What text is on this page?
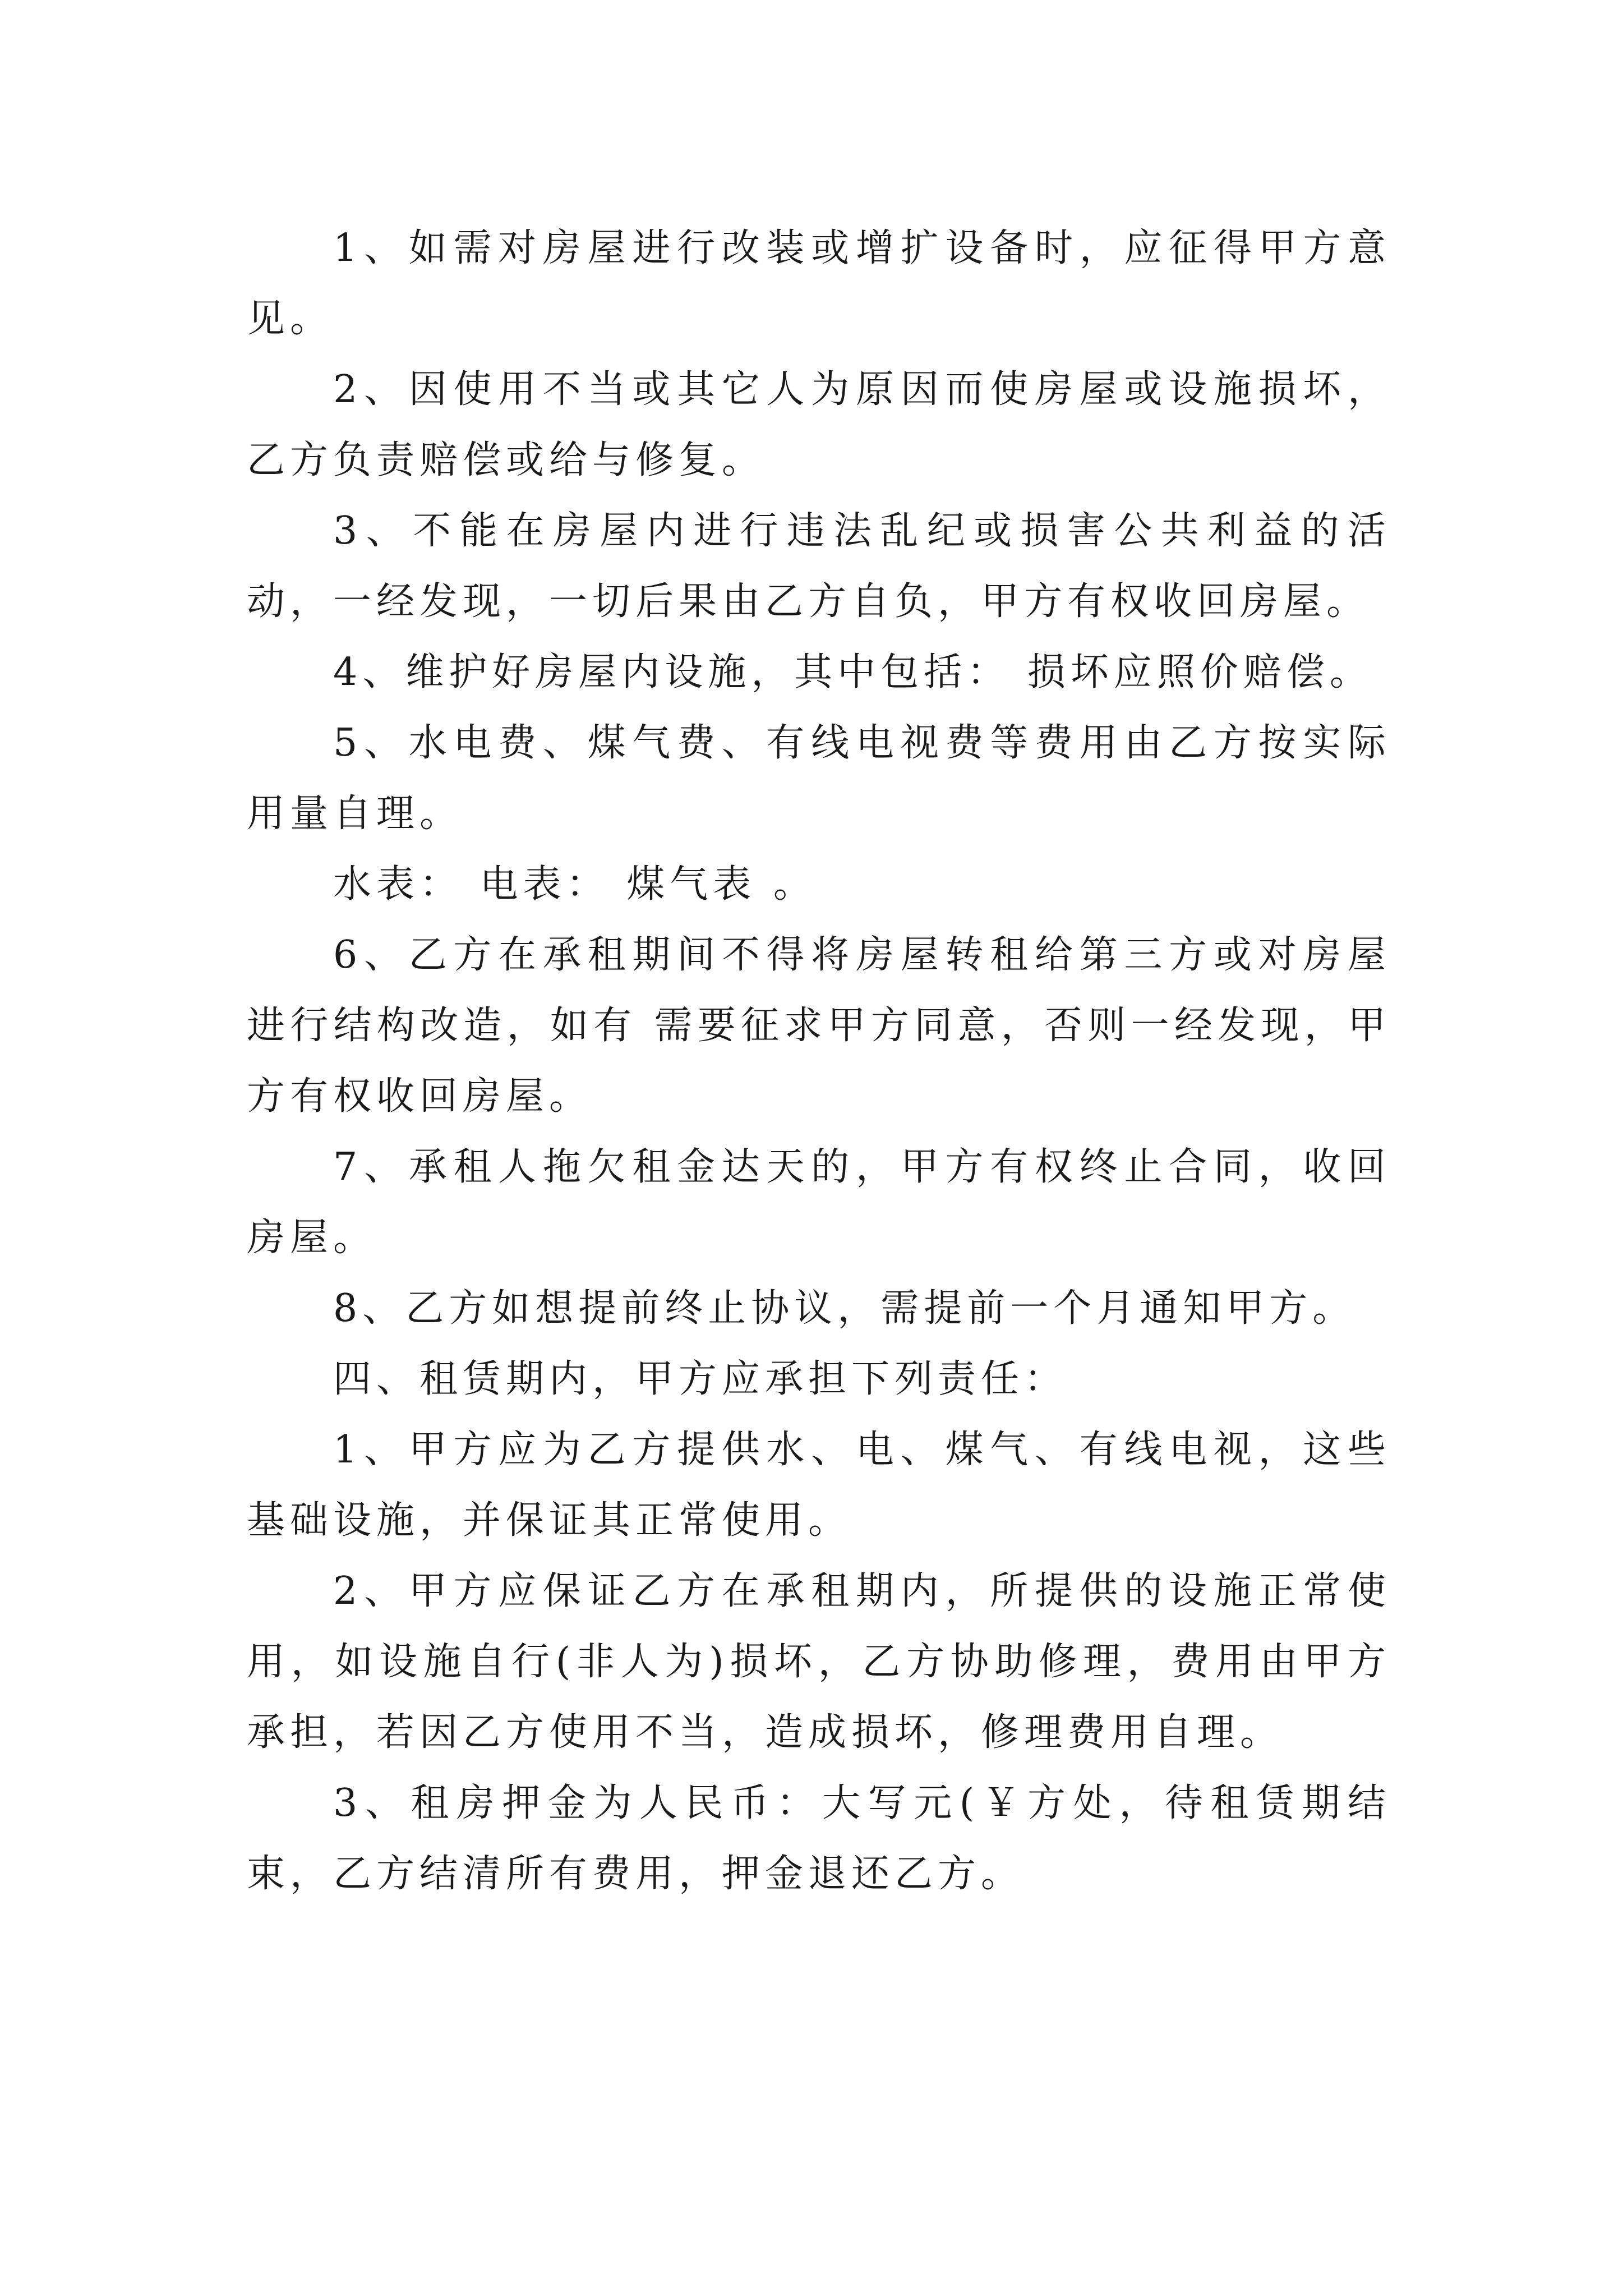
1、如需对房屋进行改装或增扩设备时，应征得甲方意见。

2、因使用不当或其它人为原因而使房屋或设施损坏，乙方负责赔偿或给与修复。

3、不能在房屋内进行违法乱纪或损害公共利益的活动，一经发现，一切后果由乙方自负，甲方有权收回房屋。

4、维护好房屋内设施，其中包括： 损坏应照价赔偿。

5、水电费、煤气费、有线电视费等费用由乙方按实际用量自理。

水表： 电表： 煤气表 。

6、乙方在承租期间不得将房屋转租给第三方或对房屋进行结构改造，如有 需要征求甲方同意，否则一经发现，甲方有权收回房屋。

7、承租人拖欠租金达天的，甲方有权终止合同，收回房屋。

8、乙方如想提前终止协议，需提前一个月通知甲方。

四、租赁期内，甲方应承担下列责任：

1、甲方应为乙方提供水、电、煤气、有线电视，这些基础设施，并保证其正常使用。

2、甲方应保证乙方在承租期内，所提供的设施正常使用，如设施自行(非人为)损坏，乙方协助修理，费用由甲方承担，若因乙方使用不当，造成损坏，修理费用自理。

3、租房押金为人民币：大写元(￥方处，待租赁期结束，乙方结清所有费用，押金退还乙方。
